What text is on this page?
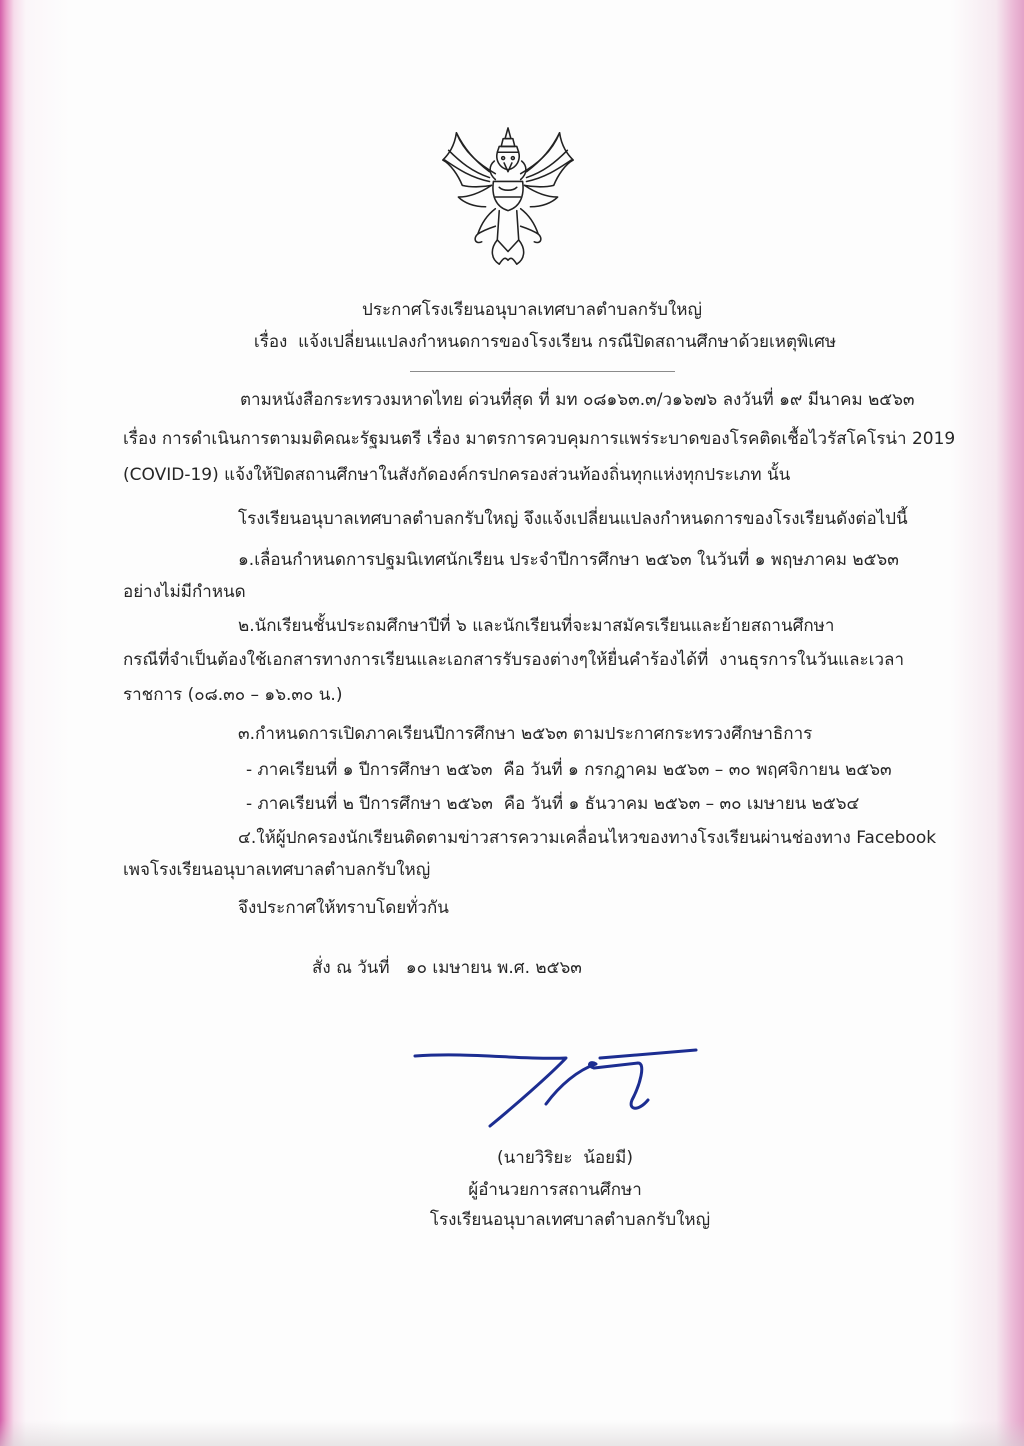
ประกาศโรงเรียนอนุบาลเทศบาลตำบลกรับใหญ่
เรื่อง  แจ้งเปลี่ยนแปลงกำหนดการของโรงเรียน กรณีปิดสถานศึกษาด้วยเหตุพิเศษ
ตามหนังสือกระทรวงมหาดไทย ด่วนที่สุด ที่ มท ๐๘๑๖๓.๓/ว๑๖๗๖ ลงวันที่ ๑๙ มีนาคม ๒๕๖๓
เรื่อง การดำเนินการตามมติคณะรัฐมนตรี เรื่อง มาตรการควบคุมการแพร่ระบาดของโรคติดเชื้อไวรัสโคโรน่า 2019
(COVID-19) แจ้งให้ปิดสถานศึกษาในสังกัดองค์กรปกครองส่วนท้องถิ่นทุกแห่งทุกประเภท นั้น
โรงเรียนอนุบาลเทศบาลตำบลกรับใหญ่ จึงแจ้งเปลี่ยนแปลงกำหนดการของโรงเรียนดังต่อไปนี้
๑.เลื่อนกำหนดการปฐมนิเทศนักเรียน ประจำปีการศึกษา ๒๕๖๓ ในวันที่ ๑ พฤษภาคม ๒๕๖๓
อย่างไม่มีกำหนด
๒.นักเรียนชั้นประถมศึกษาปีที่ ๖ และนักเรียนที่จะมาสมัครเรียนและย้ายสถานศึกษา
กรณีที่จำเป็นต้องใช้เอกสารทางการเรียนและเอกสารรับรองต่างๆให้ยื่นคำร้องได้ที่  งานธุรการในวันและเวลา
ราชการ (๐๘.๓๐ – ๑๖.๓๐ น.)
๓.กำหนดการเปิดภาคเรียนปีการศึกษา ๒๕๖๓ ตามประกาศกระทรวงศึกษาธิการ
- ภาคเรียนที่ ๑ ปีการศึกษา ๒๕๖๓  คือ วันที่ ๑ กรกฎาคม ๒๕๖๓ – ๓๐ พฤศจิกายน ๒๕๖๓
- ภาคเรียนที่ ๒ ปีการศึกษา ๒๕๖๓  คือ วันที่ ๑ ธันวาคม ๒๕๖๓ – ๓๐ เมษายน ๒๕๖๔
๔.ให้ผู้ปกครองนักเรียนติดตามข่าวสารความเคลื่อนไหวของทางโรงเรียนผ่านช่องทาง Facebook
เพจโรงเรียนอนุบาลเทศบาลตำบลกรับใหญ่
จึงประกาศให้ทราบโดยทั่วกัน
สั่ง ณ วันที่   ๑๐ เมษายน พ.ศ. ๒๕๖๓
(นายวิริยะ  น้อยมี)
ผู้อำนวยการสถานศึกษา
โรงเรียนอนุบาลเทศบาลตำบลกรับใหญ่
